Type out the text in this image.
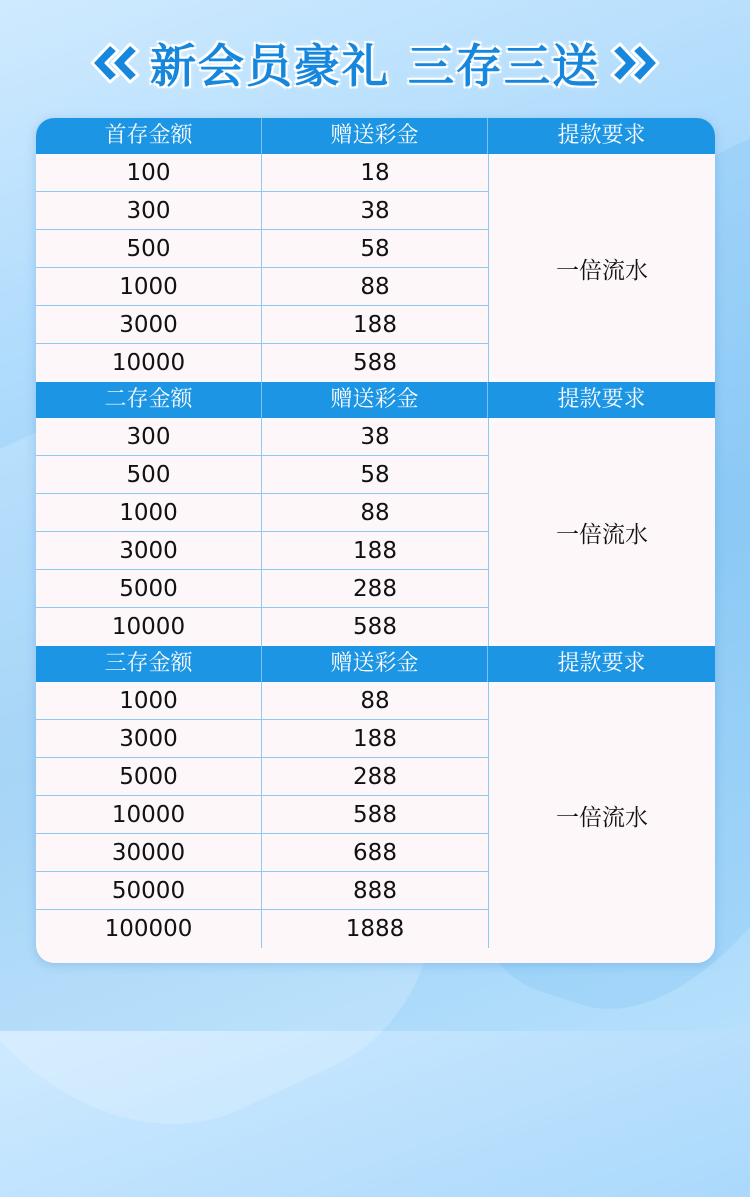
新会员豪礼 三存三送
首存金额	赠送彩金	提款要求
100	18
300	38
500	58
1000	88
3000	188
10000	588
一倍流水
二存金额	赠送彩金	提款要求
300	38
500	58
1000	88
3000	188
5000	288
10000	588
一倍流水
三存金额	赠送彩金	提款要求
1000	88
3000	188
5000	288
10000	588
30000	688
50000	888
100000	1888
一倍流水
